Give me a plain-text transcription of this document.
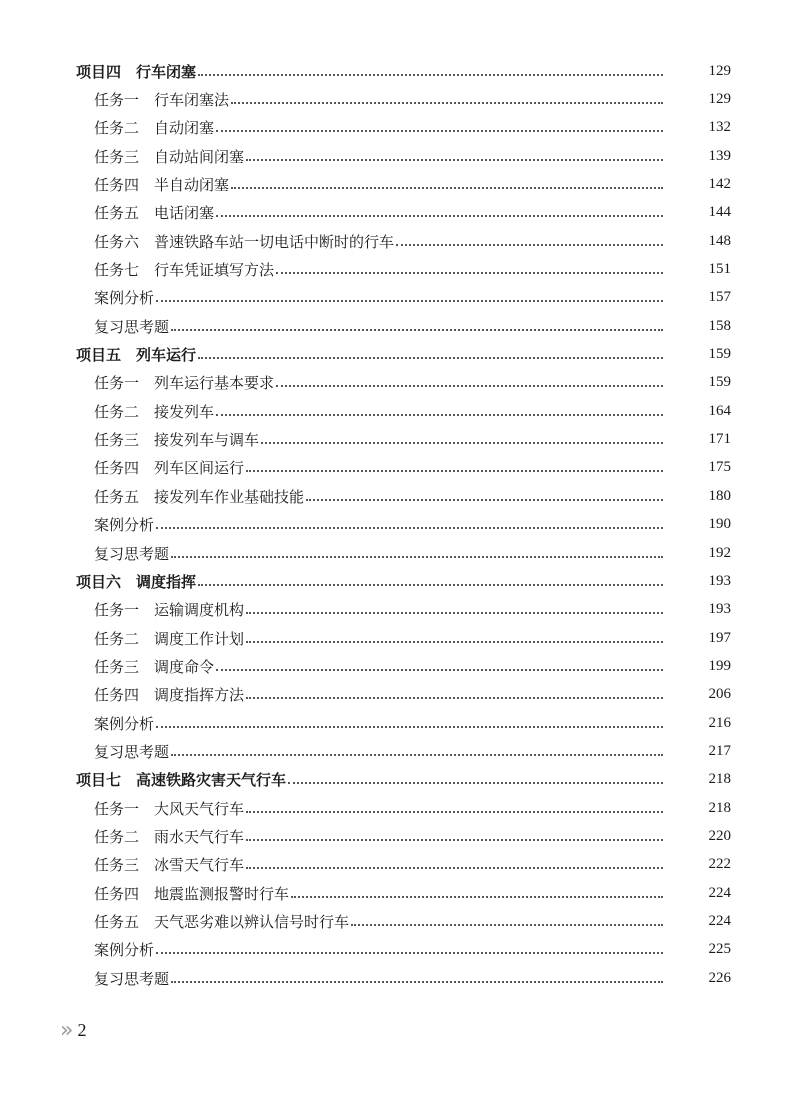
项目四　行车闭塞	129
任务一　行车闭塞法	129
任务二　自动闭塞	132
任务三　自动站间闭塞	139
任务四　半自动闭塞	142
任务五　电话闭塞	144
任务六　普速铁路车站一切电话中断时的行车	148
任务七　行车凭证填写方法	151
案例分析	157
复习思考题	158
项目五　列车运行	159
任务一　列车运行基本要求	159
任务二　接发列车	164
任务三　接发列车与调车	171
任务四　列车区间运行	175
任务五　接发列车作业基础技能	180
案例分析	190
复习思考题	192
项目六　调度指挥	193
任务一　运输调度机构	193
任务二　调度工作计划	197
任务三　调度命令	199
任务四　调度指挥方法	206
案例分析	216
复习思考题	217
项目七　高速铁路灾害天气行车	218
任务一　大风天气行车	218
任务二　雨水天气行车	220
任务三　冰雪天气行车	222
任务四　地震监测报警时行车	224
任务五　天气恶劣难以辨认信号时行车	224
案例分析	225
复习思考题	226
» 2
